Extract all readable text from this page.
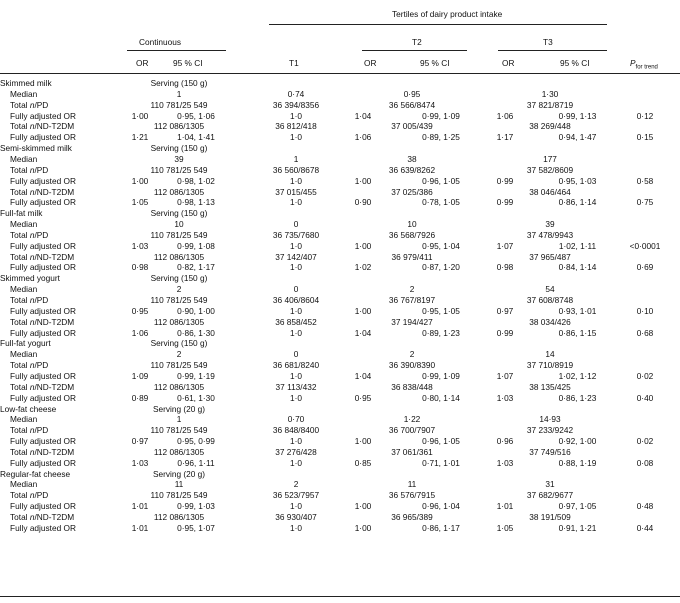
Tertiles of dairy product intake
Continuous	T2	T3
OR	95 % CI	T1	OR	95 % CI	OR	95 % CI	$P_{for trend}$
Skimmed milk	Serving (150 g)
Median	1	0·74	0·95	1·30
Total n/PD	110 781/25 549	36 394/8356	36 566/8474	37 821/8719
Fully adjusted OR	1·00	0·95, 1·06	1·0	1·04	0·99, 1·09	1·06	0·99, 1·13	0·12
Total n/ND-T2DM	112 086/1305	36 812/418	37 005/439	38 269/448
Fully adjusted OR	1·21	1·04, 1·41	1·0	1·06	0·89, 1·25	1·17	0·94, 1·47	0·15
Semi-skimmed milk	Serving (150 g)
Median	39	1	38	177
Total n/PD	110 781/25 549	36 560/8678	36 639/8262	37 582/8609
Fully adjusted OR	1·00	0·98, 1·02	1·0	1·00	0·96, 1·05	0·99	0·95, 1·03	0·58
Total n/ND-T2DM	112 086/1305	37 015/455	37 025/386	38 046/464
Fully adjusted OR	1·05	0·98, 1·13	1·0	0·90	0·78, 1·05	0·99	0·86, 1·14	0·75
Full-fat milk	Serving (150 g)
Median	10	0	10	39
Total n/PD	110 781/25 549	36 735/7680	36 568/7926	37 478/9943
Fully adjusted OR	1·03	0·99, 1·08	1·0	1·00	0·95, 1·04	1·07	1·02, 1·11	<0·0001
Total n/ND-T2DM	112 086/1305	37 142/407	36 979/411	37 965/487
Fully adjusted OR	0·98	0·82, 1·17	1·0	1·02	0·87, 1·20	0·98	0·84, 1·14	0·69
Skimmed yogurt	Serving (150 g)
Median	2	0	2	54
Total n/PD	110 781/25 549	36 406/8604	36 767/8197	37 608/8748
Fully adjusted OR	0·95	0·90, 1·00	1·0	1·00	0·95, 1·05	0·97	0·93, 1·01	0·10
Total n/ND-T2DM	112 086/1305	36 858/452	37 194/427	38 034/426
Fully adjusted OR	1·06	0·86, 1·30	1·0	1·04	0·89, 1·23	0·99	0·86, 1·15	0·68
Full-fat yogurt	Serving (150 g)
Median	2	0	2	14
Total n/PD	110 781/25 549	36 681/8240	36 390/8390	37 710/8919
Fully adjusted OR	1·09	0·99, 1·19	1·0	1·04	0·99, 1·09	1·07	1·02, 1·12	0·02
Total n/ND-T2DM	112 086/1305	37 113/432	36 838/448	38 135/425
Fully adjusted OR	0·89	0·61, 1·30	1·0	0·95	0·80, 1·14	1·03	0·86, 1·23	0·40
Low-fat cheese	Serving (20 g)
Median	1	0·70	1·22	14·93
Total n/PD	110 781/25 549	36 848/8400	36 700/7907	37 233/9242
Fully adjusted OR	0·97	0·95, 0·99	1·0	1·00	0·96, 1·05	0·96	0·92, 1·00	0·02
Total n/ND-T2DM	112 086/1305	37 276/428	37 061/361	37 749/516
Fully adjusted OR	1·03	0·96, 1·11	1·0	0·85	0·71, 1·01	1·03	0·88, 1·19	0·08
Regular-fat cheese	Serving (20 g)
Median	11	2	11	31
Total n/PD	110 781/25 549	36 523/7957	36 576/7915	37 682/9677
Fully adjusted OR	1·01	0·99, 1·03	1·0	1·00	0·96, 1·04	1·01	0·97, 1·05	0·48
Total n/ND-T2DM	112 086/1305	36 930/407	36 965/389	38 191/509
Fully adjusted OR	1·01	0·95, 1·07	1·0	1·00	0·86, 1·17	1·05	0·91, 1·21	0·44
